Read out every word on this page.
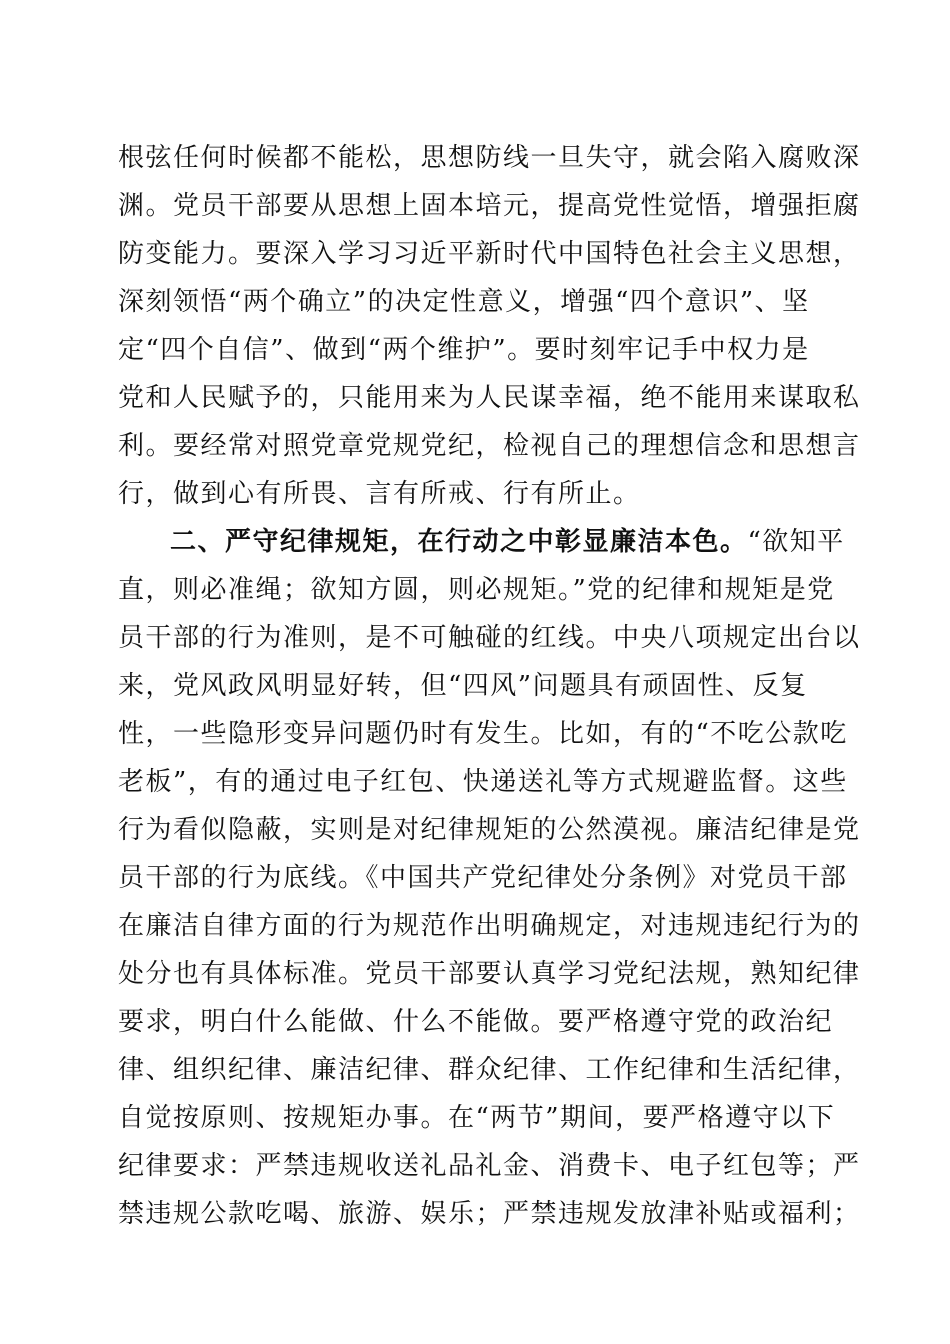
根弦任何时候都不能松，思想防线一旦失守，就会陷入腐败深
渊。党员干部要从思想上固本培元，提高党性觉悟，增强拒腐
防变能力。要深入学习习近平新时代中国特色社会主义思想，
深刻领悟“两个确立”的决定性意义，增强“四个意识”、坚
定“四个自信”、做到“两个维护”。要时刻牢记手中权力是
党和人民赋予的，只能用来为人民谋幸福，绝不能用来谋取私
利。要经常对照党章党规党纪，检视自己的理想信念和思想言
行，做到心有所畏、言有所戒、行有所止。
二、严守纪律规矩，在行动之中彰显廉洁本色。“欲知平
直，则必准绳；欲知方圆，则必规矩。”党的纪律和规矩是党
员干部的行为准则，是不可触碰的红线。中央八项规定出台以
来，党风政风明显好转，但“四风”问题具有顽固性、反复
性，一些隐形变异问题仍时有发生。比如，有的“不吃公款吃
老板”，有的通过电子红包、快递送礼等方式规避监督。这些
行为看似隐蔽，实则是对纪律规矩的公然漠视。廉洁纪律是党
员干部的行为底线。《中国共产党纪律处分条例》对党员干部
在廉洁自律方面的行为规范作出明确规定，对违规违纪行为的
处分也有具体标准。党员干部要认真学习党纪法规，熟知纪律
要求，明白什么能做、什么不能做。要严格遵守党的政治纪
律、组织纪律、廉洁纪律、群众纪律、工作纪律和生活纪律，
自觉按原则、按规矩办事。在“两节”期间，要严格遵守以下
纪律要求：严禁违规收送礼品礼金、消费卡、电子红包等；严
禁违规公款吃喝、旅游、娱乐；严禁违规发放津补贴或福利；
